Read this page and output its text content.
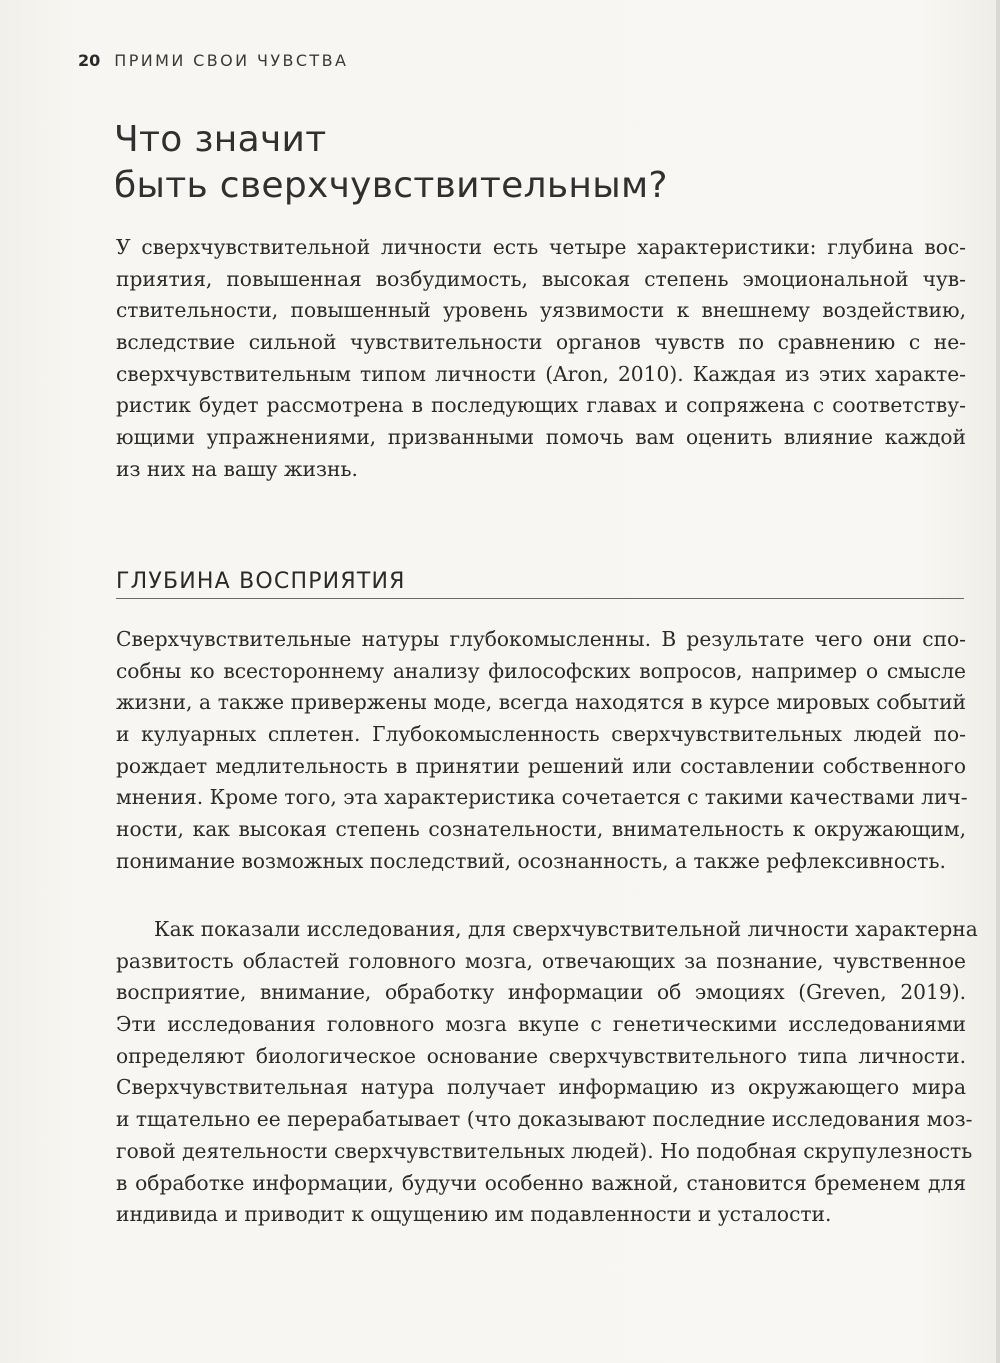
20 ПРИМИ СВОИ ЧУВСТВА
Что значит
быть сверхчувствительным?
У сверхчувствительной личности есть четыре характеристики: глубина вос-
приятия, повышенная возбудимость, высокая степень эмоциональной чув-
ствительности, повышенный уровень уязвимости к внешнему воздействию,
вследствие сильной чувствительности органов чувств по сравнению с не-
сверхчувствительным типом личности (Aron, 2010). Каждая из этих характе-
ристик будет рассмотрена в последующих главах и сопряжена с соответству-
ющими упражнениями, призванными помочь вам оценить влияние каждой
из них на вашу жизнь.
ГЛУБИНА ВОСПРИЯТИЯ
Сверхчувствительные натуры глубокомысленны. В результате чего они спо-
собны ко всестороннему анализу философских вопросов, например о смысле
жизни, а также привержены моде, всегда находятся в курсе мировых событий
и кулуарных сплетен. Глубокомысленность сверхчувствительных людей по-
рождает медлительность в принятии решений или составлении собственного
мнения. Кроме того, эта характеристика сочетается с такими качествами лич-
ности, как высокая степень сознательности, внимательность к окружающим,
понимание возможных последствий, осознанность, а также рефлексивность.
Как показали исследования, для сверхчувствительной личности характерна
развитость областей головного мозга, отвечающих за познание, чувственное
восприятие, внимание, обработку информации об эмоциях (Greven, 2019).
Эти исследования головного мозга вкупе с генетическими исследованиями
определяют биологическое основание сверхчувствительного типа личности.
Сверхчувствительная натура получает информацию из окружающего мира
и тщательно ее перерабатывает (что доказывают последние исследования моз-
говой деятельности сверхчувствительных людей). Но подобная скрупулезность
в обработке информации, будучи особенно важной, становится бременем для
индивида и приводит к ощущению им подавленности и усталости.
